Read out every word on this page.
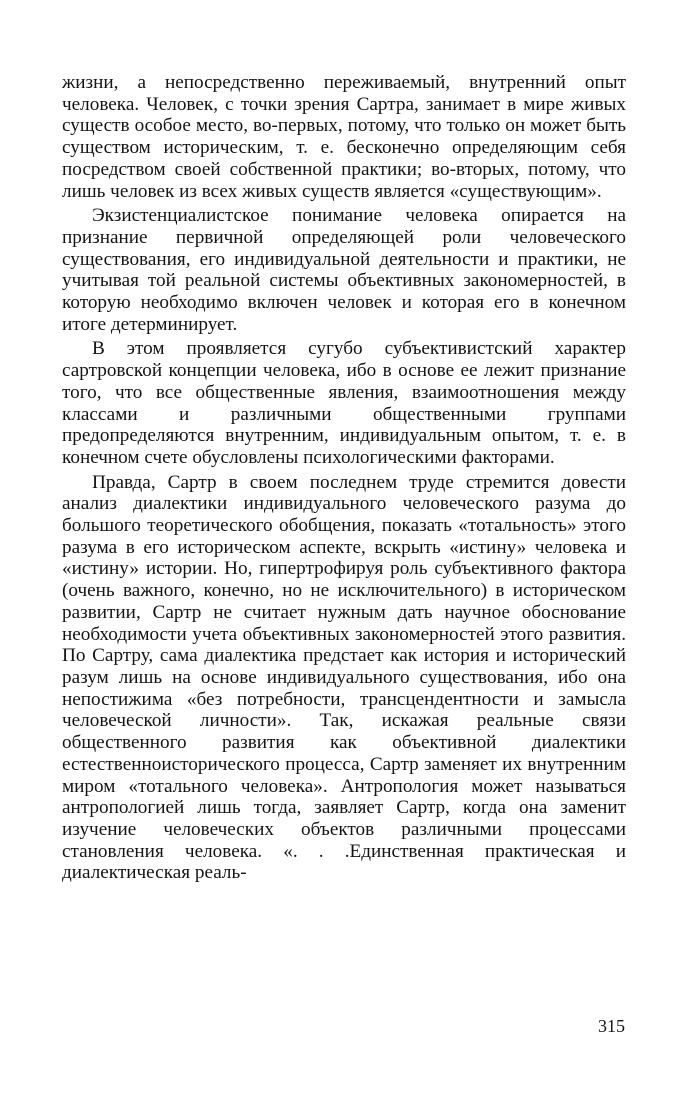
жизни, а непосредственно переживаемый, внутренний опыт человека. Человек, с точки зрения Сартра, занимает в мире живых существ особое место, во-первых, потому, что только он может быть существом историческим, т. е. бесконечно определяющим себя посредством своей собственной практики; во-вторых, потому, что лишь человек из всех живых существ является «существующим».

Экзистенциалистское понимание человека опирается на признание первичной определяющей роли человеческого существования, его индивидуальной деятельности и практики, не учитывая той реальной системы объективных закономерностей, в которую необходимо включен человек и которая его в конечном итоге детерминирует.

В этом проявляется сугубо субъективистский характер сартровской концепции человека, ибо в основе ее лежит признание того, что все общественные явления, взаимоотношения между классами и различными общественными группами предопределяются внутренним, индивидуальным опытом, т. е. в конечном счете обусловлены психологическими факторами.

Правда, Сартр в своем последнем труде стремится довести анализ диалектики индивидуального человеческого разума до большого теоретического обобщения, показать «тотальность» этого разума в его историческом аспекте, вскрыть «истину» человека и «истину» истории. Но, гипертрофируя роль субъективного фактора (очень важного, конечно, но не исключительного) в историческом развитии, Сартр не считает нужным дать научное обоснование необходимости учета объективных закономерностей этого развития. По Сартру, сама диалектика предстает как история и исторический разум лишь на основе индивидуального существования, ибо она непостижима «без потребности, трансцендентности и замысла человеческой личности». Так, искажая реальные связи общественного развития как объективной диалектики естественноисторического процесса, Сартр заменяет их внутренним миром «тотального человека». Антропология может называться антропологией лишь тогда, заявляет Сартр, когда она заменит изучение человеческих объектов различными процессами становления человека. «. . .Единственная практическая и диалектическая реаль-

315
